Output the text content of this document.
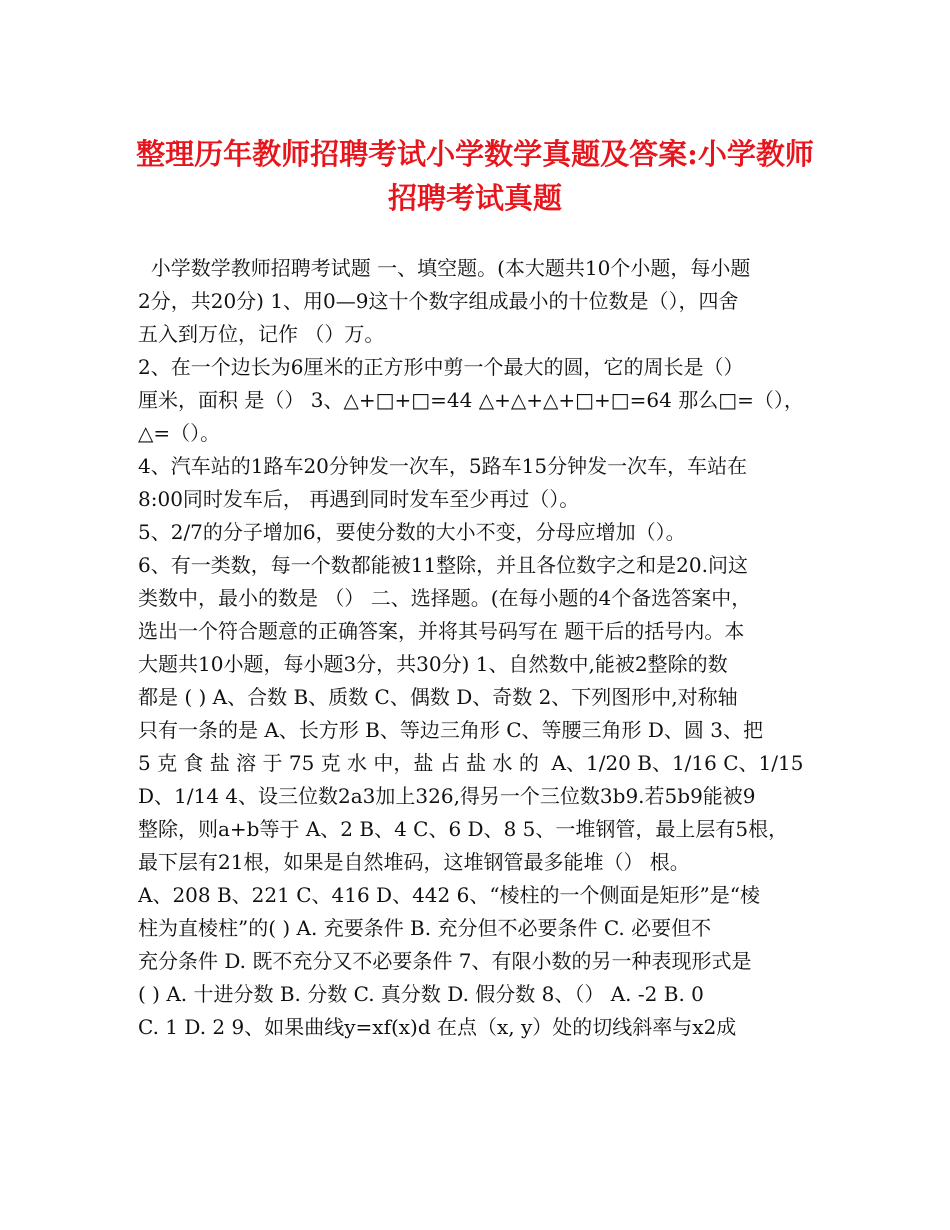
整理历年教师招聘考试小学数学真题及答案:小学教师
招聘考试真题
小学数学教师招聘考试题 一、填空题。(本大题共10个小题，每小题
2分，共20分) 1、用0—9这十个数字组成最小的十位数是（），四舍
五入到万位，记作 （）万。
2、在一个边长为6厘米的正方形中剪一个最大的圆，它的周长是（）
厘米，面积 是（） 3、△+□+□=44 △+△+△+□+□=64 那么□=（），
△=（）。
4、汽车站的1路车20分钟发一次车，5路车15分钟发一次车，车站在
8:00同时发车后， 再遇到同时发车至少再过（）。
5、2/7的分子增加6，要使分数的大小不变，分母应增加（）。
6、有一类数，每一个数都能被11整除，并且各位数字之和是20.问这
类数中，最小的数是 （） 二、选择题。(在每小题的4个备选答案中，
选出一个符合题意的正确答案，并将其号码写在 题干后的括号内。本
大题共10小题，每小题3分，共30分) 1、自然数中,能被2整除的数
都是 ( ) A、合数 B、质数 C、偶数 D、奇数 2、下列图形中,对称轴
只有一条的是 A、长方形 B、等边三角形 C、等腰三角形 D、圆 3、把
5 克 食 盐 溶 于 75 克 水 中，盐 占 盐 水 的  A、1/20 B、1/16 C、1/15
D、1/14 4、设三位数2a3加上326,得另一个三位数3b9.若5b9能被9
整除，则a+b等于 A、2 B、4 C、6 D、8 5、一堆钢管，最上层有5根，
最下层有21根，如果是自然堆码，这堆钢管最多能堆（） 根。
A、208 B、221 C、416 D、442 6、“棱柱的一个侧面是矩形”是“棱
柱为直棱柱”的( ) A. 充要条件 B. 充分但不必要条件 C. 必要但不
充分条件 D. 既不充分又不必要条件 7、有限小数的另一种表现形式是
( ) A. 十进分数 B. 分数 C. 真分数 D. 假分数 8、（） A. -2 B. 0
C. 1 D. 2 9、如果曲线y=xf(x)d 在点（x, y）处的切线斜率与x2成
